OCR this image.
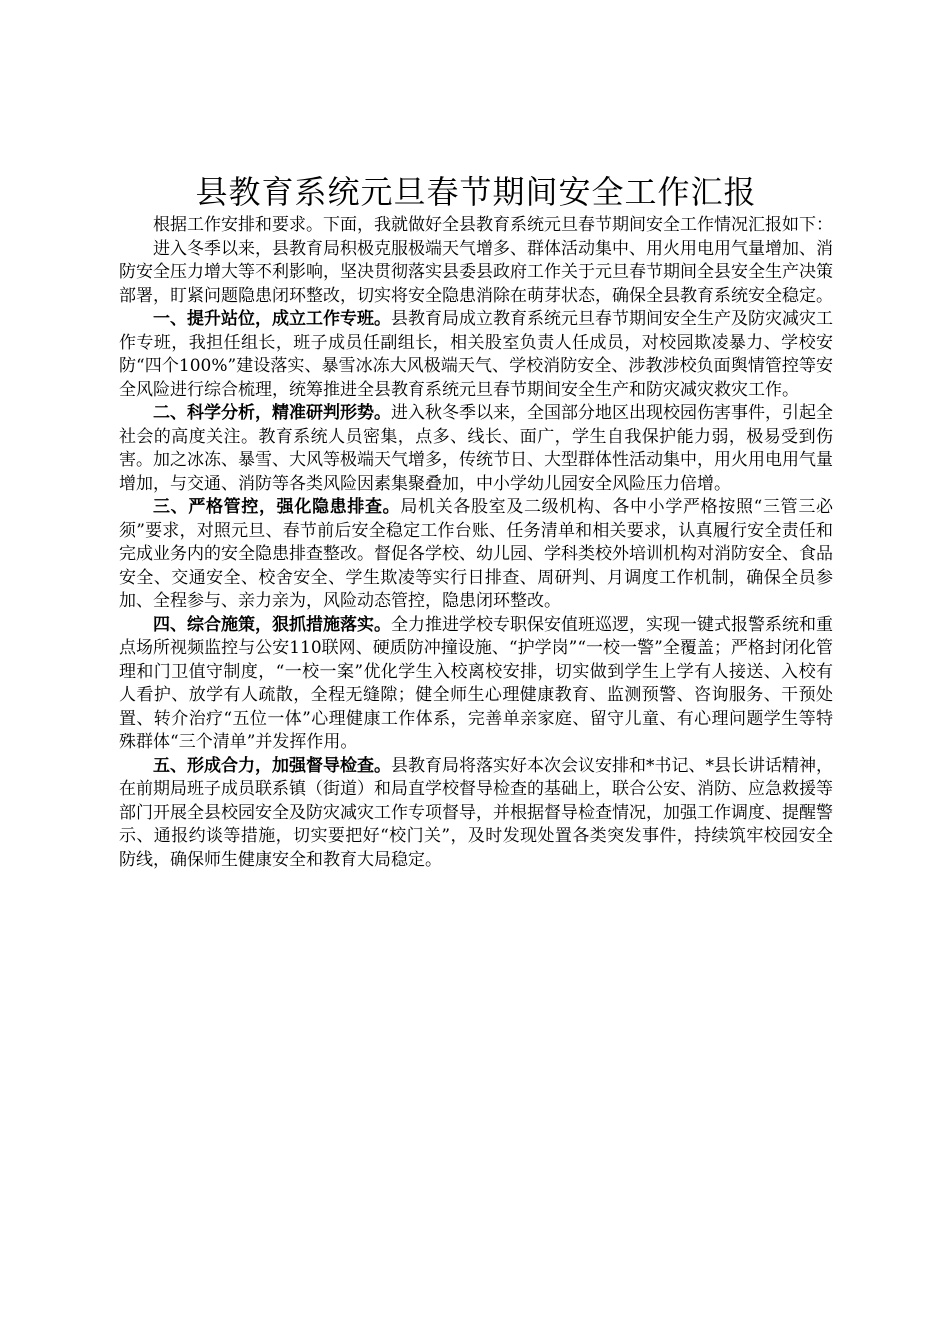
县教育系统元旦春节期间安全工作汇报

根据工作安排和要求。下面，我就做好全县教育系统元旦春节期间安全工作情况汇报如下：

进入冬季以来，县教育局积极克服极端天气增多、群体活动集中、用火用电用气量增加、消防安全压力增大等不利影响，坚决贯彻落实县委县政府工作关于元旦春节期间全县安全生产决策部署，盯紧问题隐患闭环整改，切实将安全隐患消除在萌芽状态，确保全县教育系统安全稳定。

一、提升站位，成立工作专班。县教育局成立教育系统元旦春节期间安全生产及防灾减灾工作专班，我担任组长，班子成员任副组长，相关股室负责人任成员，对校园欺凌暴力、学校安防“四个100%”建设落实、暴雪冰冻大风极端天气、学校消防安全、涉教涉校负面舆情管控等安全风险进行综合梳理，统筹推进全县教育系统元旦春节期间安全生产和防灾减灾救灾工作。

二、科学分析，精准研判形势。进入秋冬季以来，全国部分地区出现校园伤害事件，引起全社会的高度关注。教育系统人员密集，点多、线长、面广，学生自我保护能力弱，极易受到伤害。加之冰冻、暴雪、大风等极端天气增多，传统节日、大型群体性活动集中，用火用电用气量增加，与交通、消防等各类风险因素集聚叠加，中小学幼儿园安全风险压力倍增。

三、严格管控，强化隐患排查。局机关各股室及二级机构、各中小学严格按照“三管三必须”要求，对照元旦、春节前后安全稳定工作台账、任务清单和相关要求，认真履行安全责任和完成业务内的安全隐患排查整改。督促各学校、幼儿园、学科类校外培训机构对消防安全、食品安全、交通安全、校舍安全、学生欺凌等实行日排查、周研判、月调度工作机制，确保全员参加、全程参与、亲力亲为，风险动态管控，隐患闭环整改。

四、综合施策，狠抓措施落实。全力推进学校专职保安值班巡逻，实现一键式报警系统和重点场所视频监控与公安110联网、硬质防冲撞设施、“护学岗”“一校一警”全覆盖；严格封闭化管理和门卫值守制度，“一校一案”优化学生入校离校安排，切实做到学生上学有人接送、入校有人看护、放学有人疏散，全程无缝隙；健全师生心理健康教育、监测预警、咨询服务、干预处置、转介治疗“五位一体”心理健康工作体系，完善单亲家庭、留守儿童、有心理问题学生等特殊群体“三个清单”并发挥作用。

五、形成合力，加强督导检查。县教育局将落实好本次会议安排和*书记、*县长讲话精神，在前期局班子成员联系镇（街道）和局直学校督导检查的基础上，联合公安、消防、应急救援等部门开展全县校园安全及防灾减灾工作专项督导，并根据督导检查情况，加强工作调度、提醒警示、通报约谈等措施，切实要把好“校门关”，及时发现处置各类突发事件，持续筑牢校园安全防线，确保师生健康安全和教育大局稳定。
